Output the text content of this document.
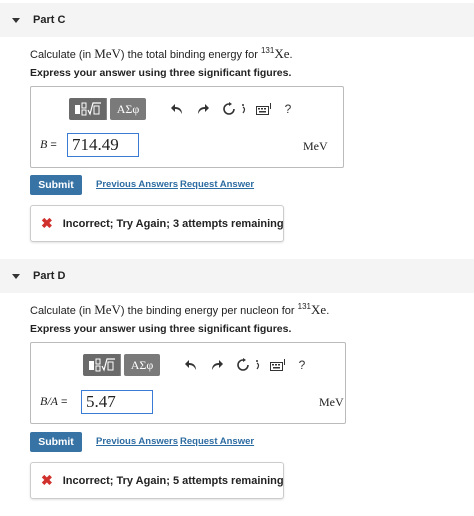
Part C
Calculate (in MeV) the total binding energy for $^{131}$Xe.
Express your answer using three significant figures.
ΑΣφ	?
B = 714.49	MeV
Submit	Previous Answers Request Answer
✖ Incorrect; Try Again; 3 attempts remaining
Part D
Calculate (in MeV) the binding energy per nucleon for $^{131}$Xe.
Express your answer using three significant figures.
ΑΣφ	?
B/A = 5.47	MeV
Submit	Previous Answers Request Answer
✖ Incorrect; Try Again; 5 attempts remaining
